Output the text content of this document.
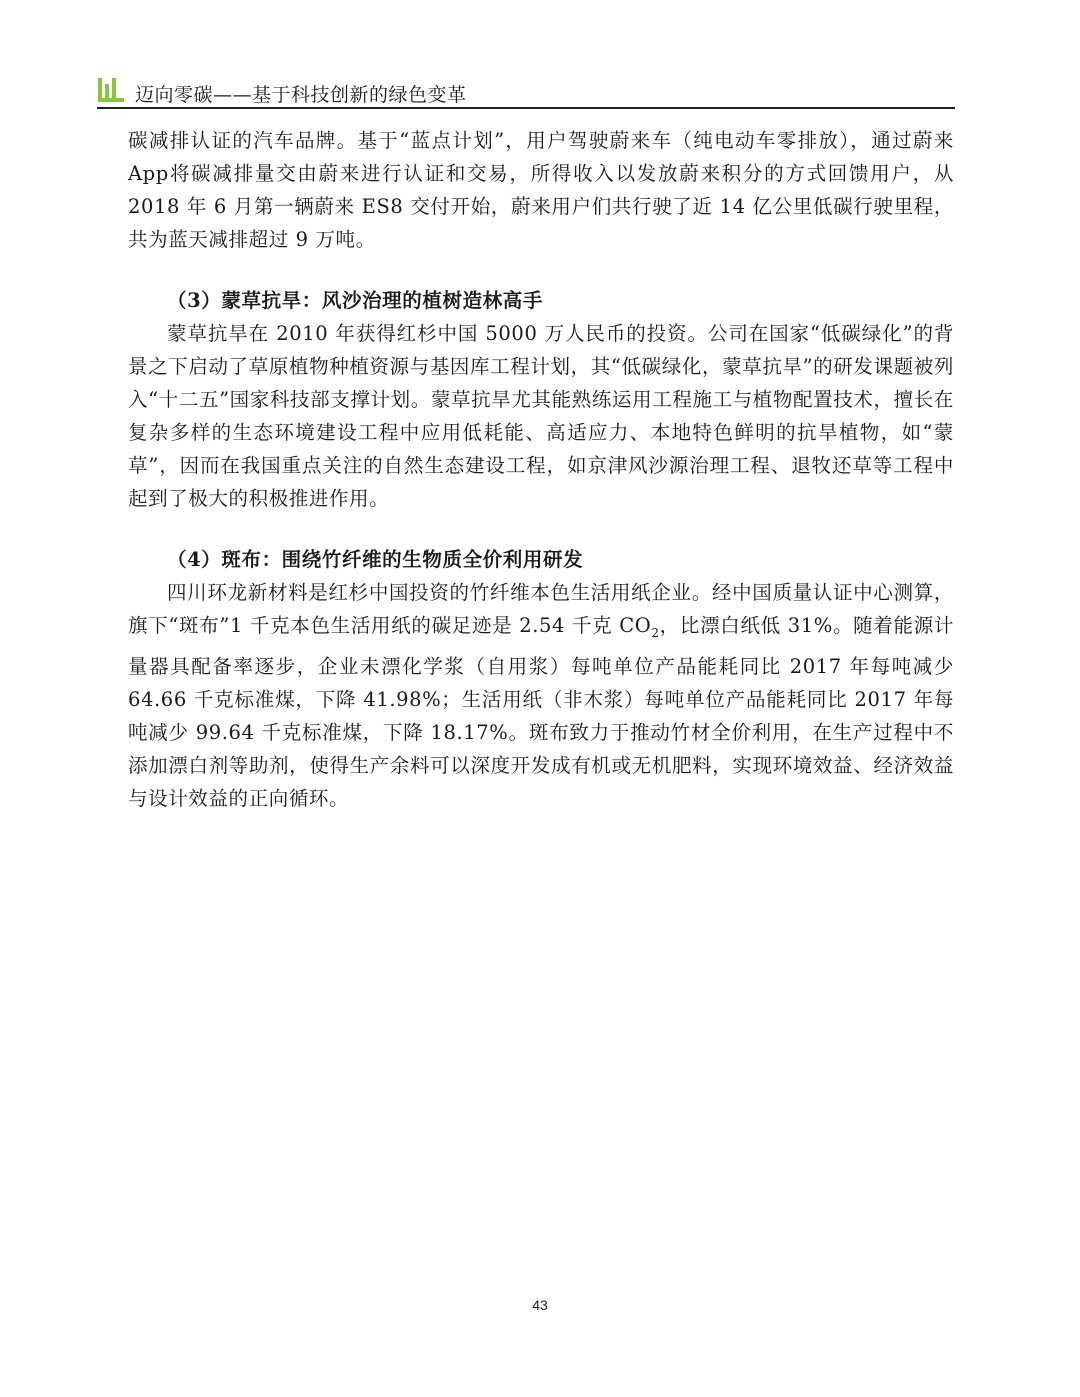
迈向零碳——基于科技创新的绿色变革

碳减排认证的汽车品牌。基于“蓝点计划”，用户驾驶蔚来车（纯电动车零排放），通过蔚来App将碳减排量交由蔚来进行认证和交易，所得收入以发放蔚来积分的方式回馈用户，从 2018 年 6 月第一辆蔚来 ES8 交付开始，蔚来用户们共行驶了近 14 亿公里低碳行驶里程，共为蓝天减排超过 9 万吨。

（3）蒙草抗旱：风沙治理的植树造林高手

蒙草抗旱在 2010 年获得红杉中国 5000 万人民币的投资。公司在国家“低碳绿化”的背景之下启动了草原植物种植资源与基因库工程计划，其“低碳绿化，蒙草抗旱”的研发课题被列入“十二五”国家科技部支撑计划。蒙草抗旱尤其能熟练运用工程施工与植物配置技术，擅长在复杂多样的生态环境建设工程中应用低耗能、高适应力、本地特色鲜明的抗旱植物，如“蒙草”，因而在我国重点关注的自然生态建设工程，如京津风沙源治理工程、退牧还草等工程中起到了极大的积极推进作用。

（4）斑布：围绕竹纤维的生物质全价利用研发

四川环龙新材料是红杉中国投资的竹纤维本色生活用纸企业。经中国质量认证中心测算，旗下“斑布”1 千克本色生活用纸的碳足迹是 2.54 千克 $CO_2$，比漂白纸低 31%。随着能源计量器具配备率逐步，企业未漂化学浆（自用浆）每吨单位产品能耗同比 2017 年每吨减少 64.66 千克标准煤，下降 41.98%；生活用纸（非木浆）每吨单位产品能耗同比 2017 年每吨减少 99.64 千克标准煤，下降 18.17%。斑布致力于推动竹材全价利用，在生产过程中不添加漂白剂等助剂，使得生产余料可以深度开发成有机或无机肥料，实现环境效益、经济效益与设计效益的正向循环。

43
